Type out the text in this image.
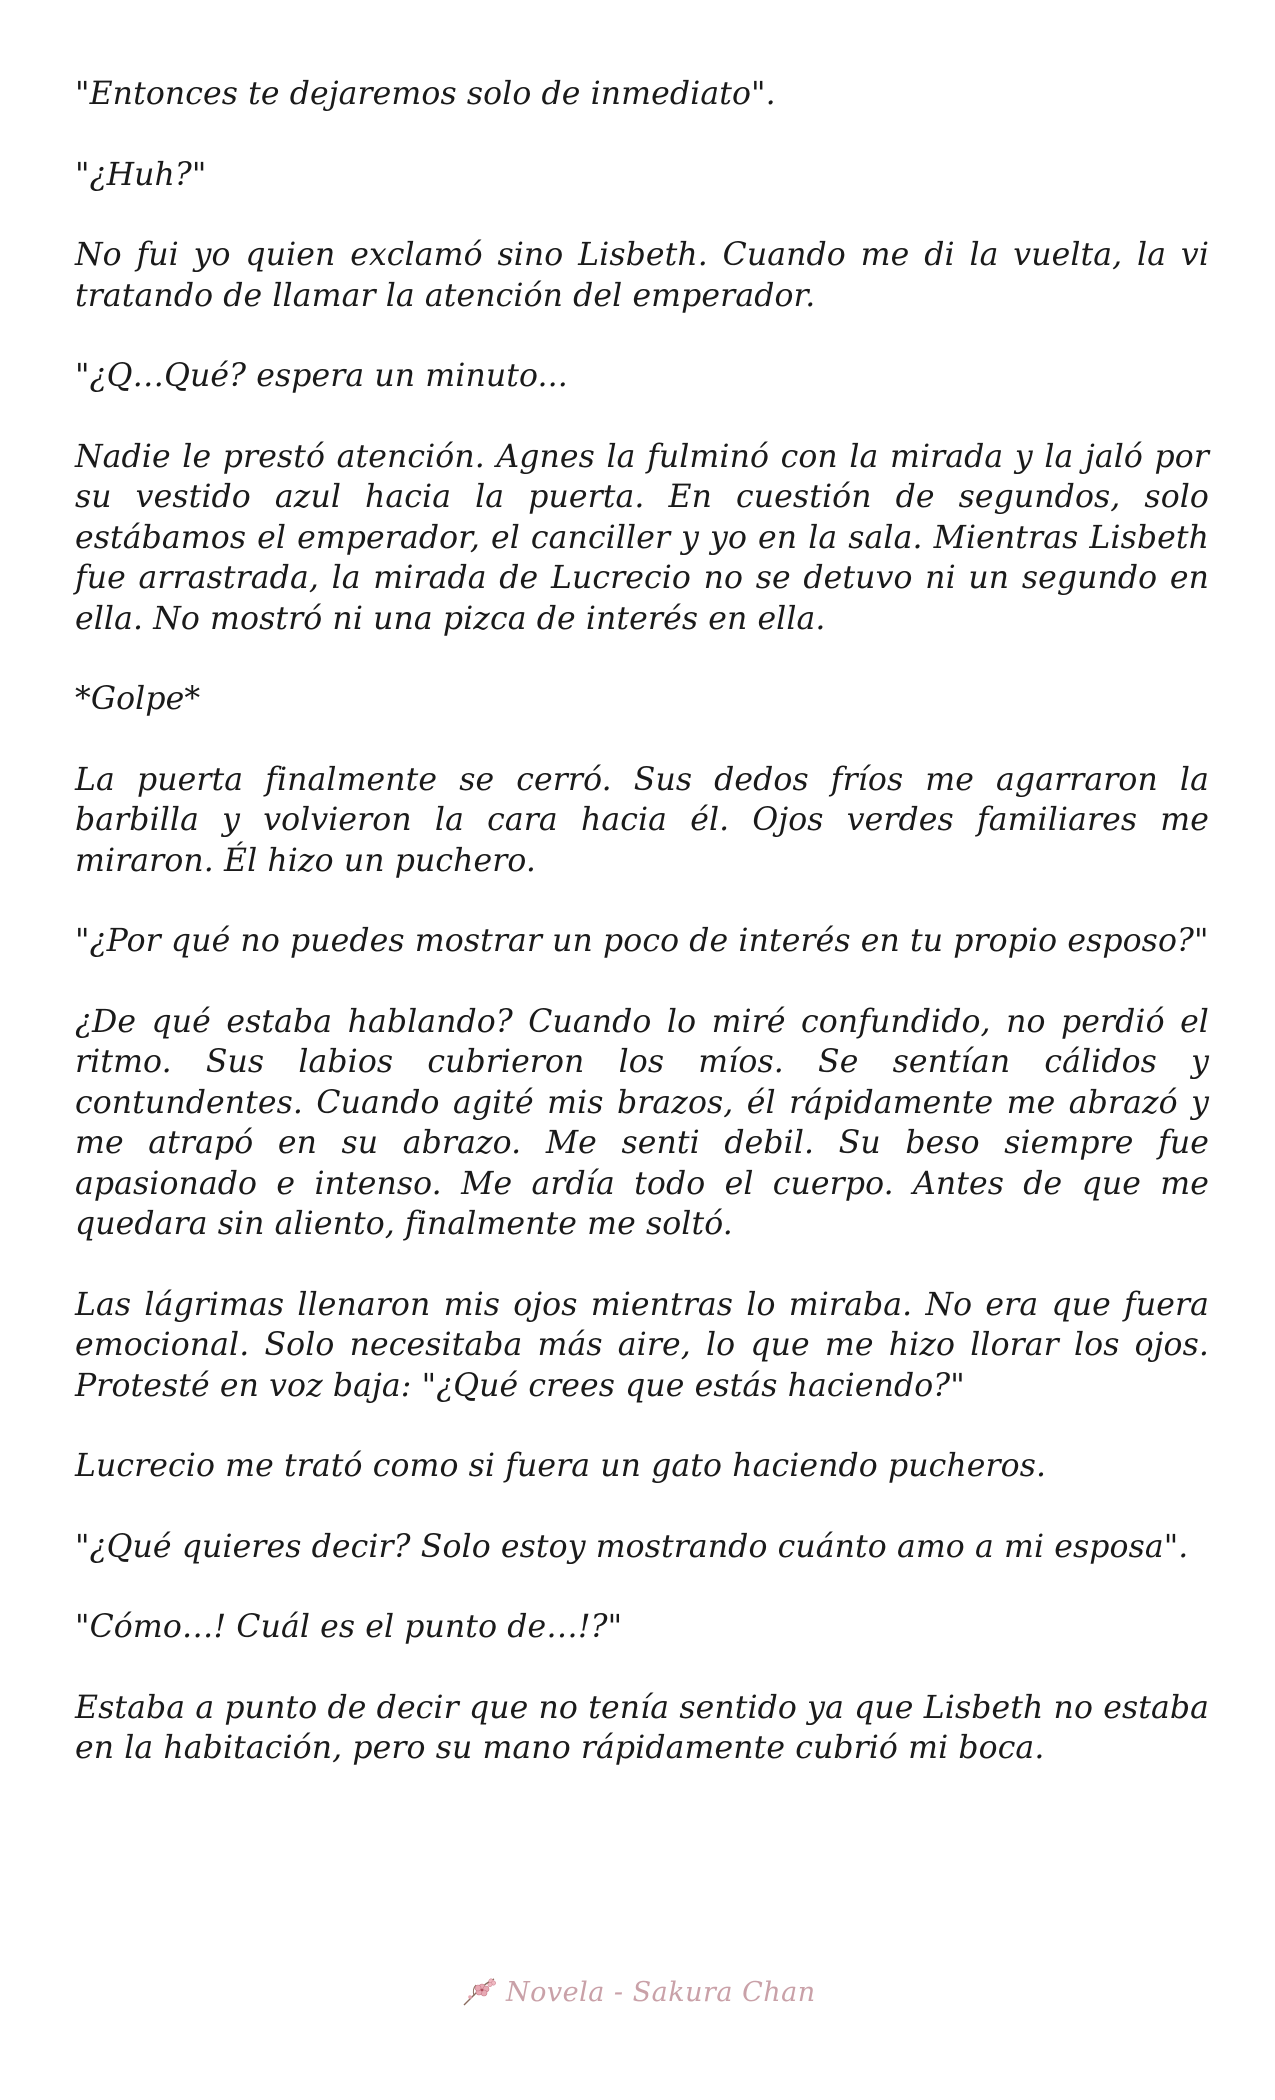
"Entonces te dejaremos solo de inmediato".

"¿Huh?"

No fui yo quien exclamó sino Lisbeth. Cuando me di la vuelta, la vi tratando de llamar la atención del emperador.

"¿Q…Qué? espera un minuto...

Nadie le prestó atención. Agnes la fulminó con la mirada y la jaló por su vestido azul hacia la puerta. En cuestión de segundos, solo estábamos el emperador, el canciller y yo en la sala. Mientras Lisbeth fue arrastrada, la mirada de Lucrecio no se detuvo ni un segundo en ella. No mostró ni una pizca de interés en ella.

*Golpe*

La puerta finalmente se cerró. Sus dedos fríos me agarraron la barbilla y volvieron la cara hacia él. Ojos verdes familiares me miraron. Él hizo un puchero.

"¿Por qué no puedes mostrar un poco de interés en tu propio esposo?"

¿De qué estaba hablando? Cuando lo miré confundido, no perdió el ritmo. Sus labios cubrieron los míos. Se sentían cálidos y contundentes. Cuando agité mis brazos, él rápidamente me abrazó y me atrapó en su abrazo. Me senti debil. Su beso siempre fue apasionado e intenso. Me ardía todo el cuerpo. Antes de que me quedara sin aliento, finalmente me soltó.

Las lágrimas llenaron mis ojos mientras lo miraba. No era que fuera emocional. Solo necesitaba más aire, lo que me hizo llorar los ojos. Protesté en voz baja: "¿Qué crees que estás haciendo?"

Lucrecio me trató como si fuera un gato haciendo pucheros.

"¿Qué quieres decir? Solo estoy mostrando cuánto amo a mi esposa".

"Cómo…! Cuál es el punto de…!?"

Estaba a punto de decir que no tenía sentido ya que Lisbeth no estaba en la habitación, pero su mano rápidamente cubrió mi boca.

Novela - Sakura Chan
